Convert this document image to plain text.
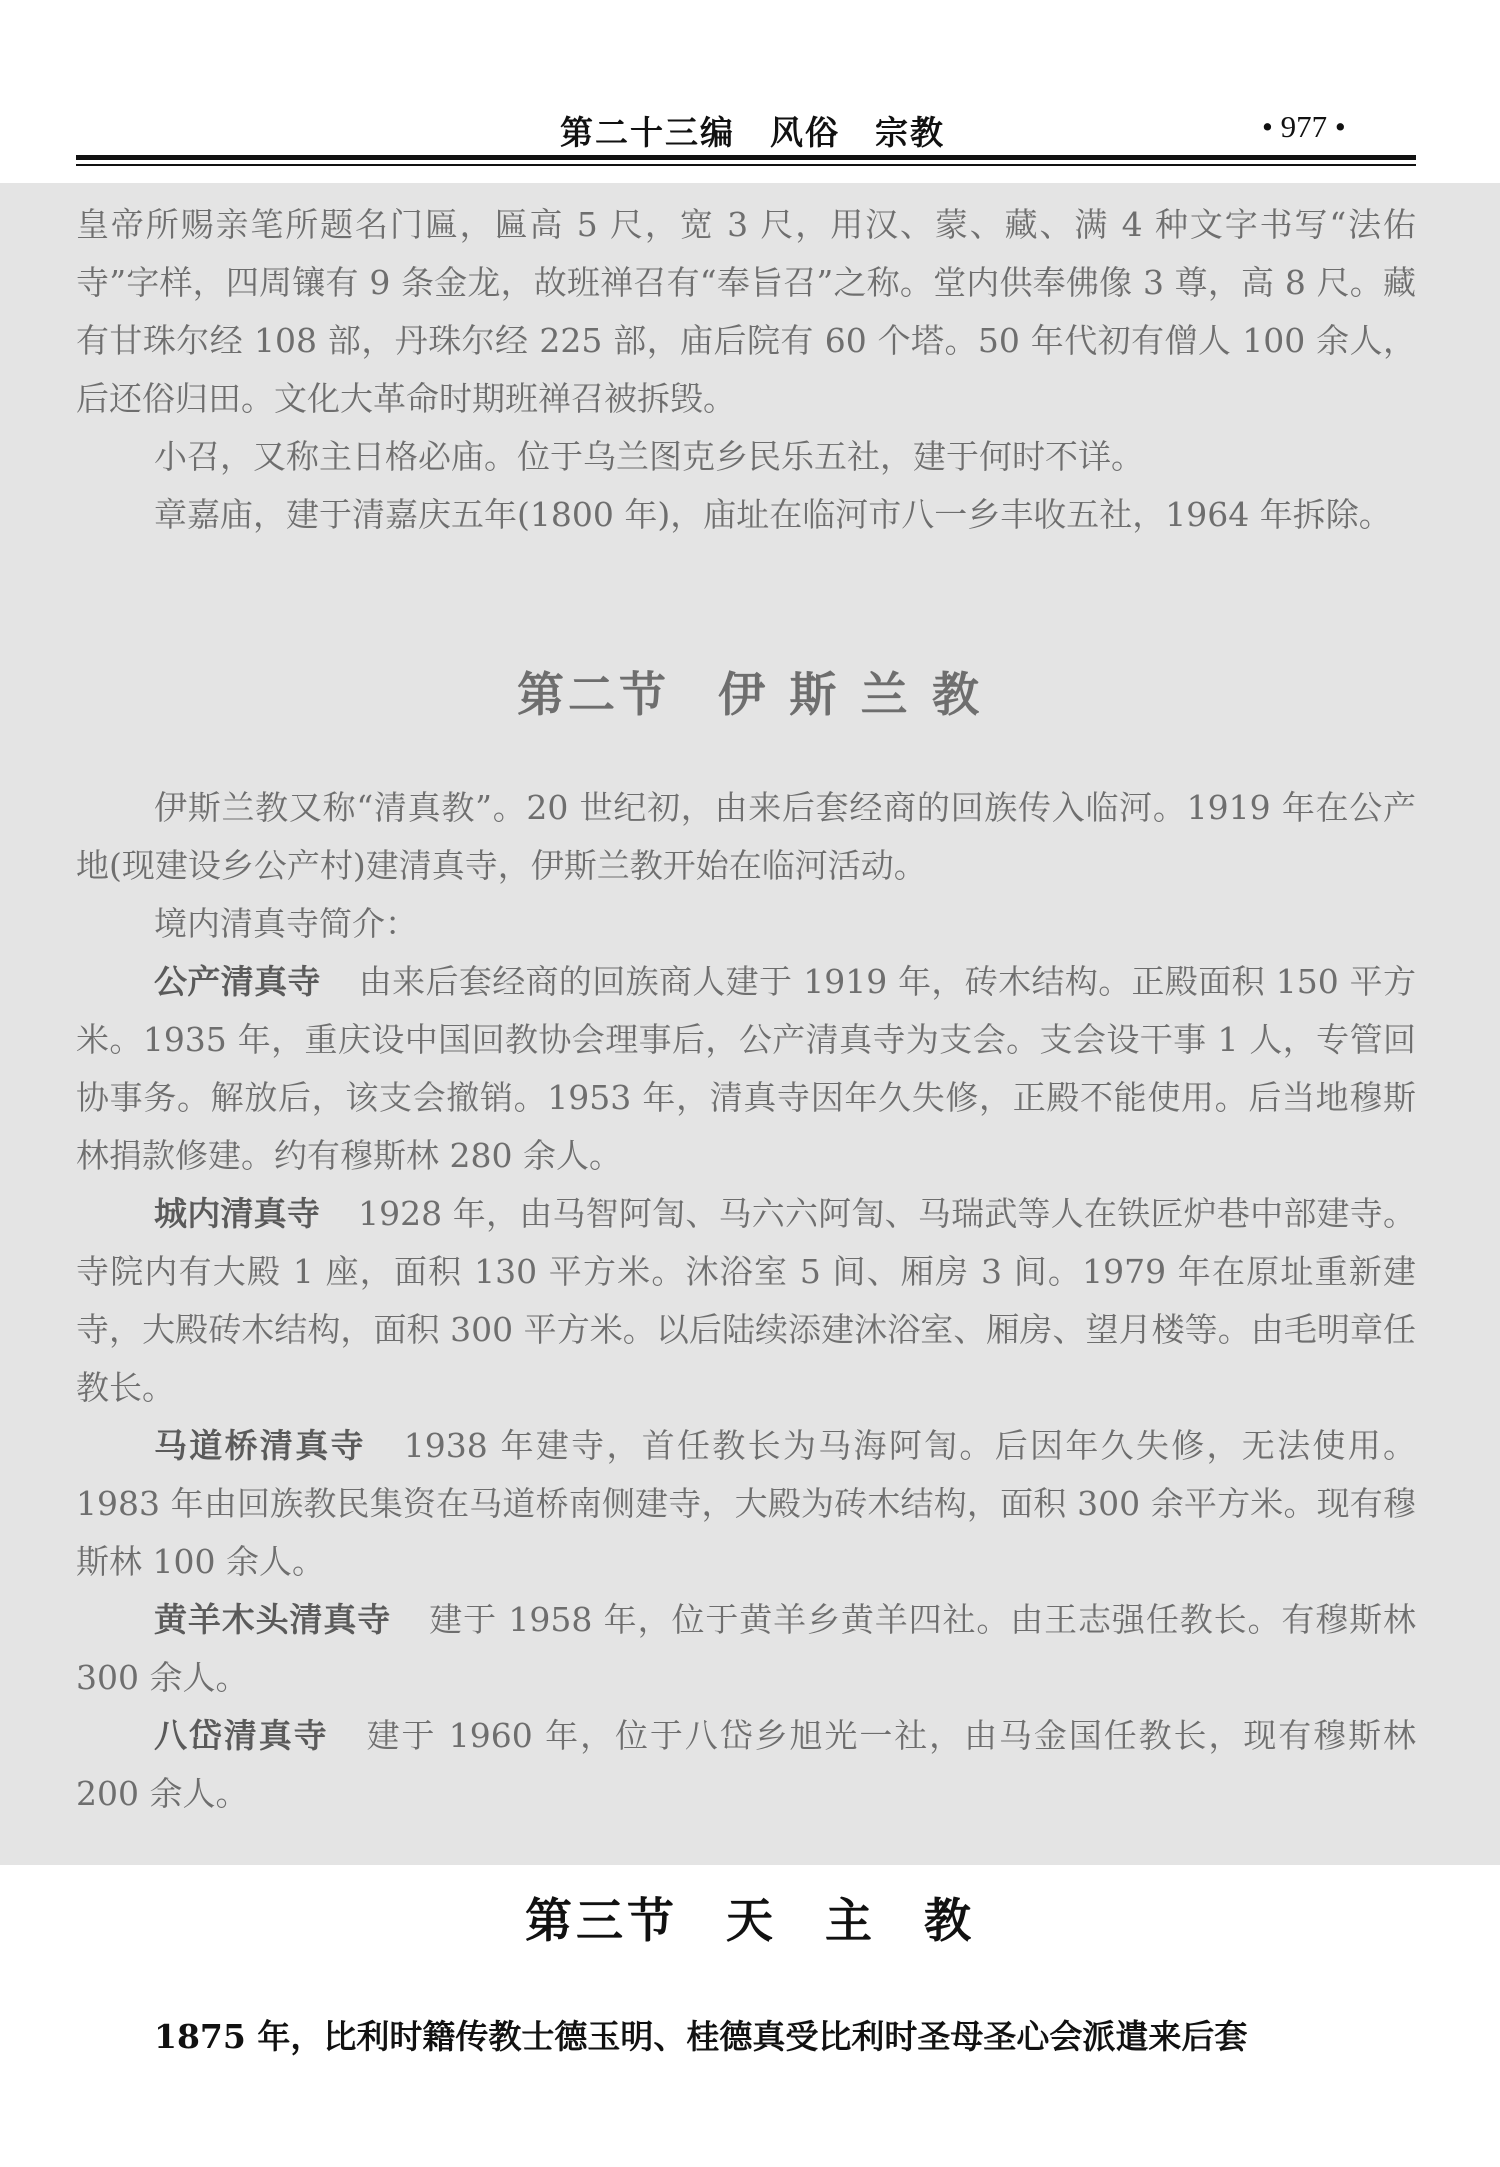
第二十三编　风俗　宗教	• 977 •

皇帝所赐亲笔所题名门匾，匾高 5 尺，宽 3 尺，用汉、蒙、藏、满 4 种文字书写“法佑寺”字样，四周镶有 9 条金龙，故班禅召有“奉旨召”之称。堂内供奉佛像 3 尊，高 8 尺。藏有甘珠尔经 108 部，丹珠尔经 225 部，庙后院有 60 个塔。50 年代初有僧人 100 余人，后还俗归田。文化大革命时期班禅召被拆毁。

小召，又称主日格必庙。位于乌兰图克乡民乐五社，建于何时不详。

章嘉庙，建于清嘉庆五年(1800 年)，庙址在临河市八一乡丰收五社，1964 年拆除。

第二节 伊 斯 兰 教

伊斯兰教又称“清真教”。20 世纪初，由来后套经商的回族传入临河。1919 年在公产地(现建设乡公产村)建清真寺，伊斯兰教开始在临河活动。

境内清真寺简介：

公产清真寺 由来后套经商的回族商人建于 1919 年，砖木结构。正殿面积 150 平方米。1935 年，重庆设中国回教协会理事后，公产清真寺为支会。支会设干事 1 人，专管回协事务。解放后，该支会撤销。1953 年，清真寺因年久失修，正殿不能使用。后当地穆斯林捐款修建。约有穆斯林 280 余人。

城内清真寺 1928 年，由马智阿訇、马六六阿訇、马瑞武等人在铁匠炉巷中部建寺。寺院内有大殿 1 座，面积 130 平方米。沐浴室 5 间、厢房 3 间。1979 年在原址重新建寺，大殿砖木结构，面积 300 平方米。以后陆续添建沐浴室、厢房、望月楼等。由毛明章任教长。

马道桥清真寺 1938 年建寺，首任教长为马海阿訇。后因年久失修，无法使用。1983 年由回族教民集资在马道桥南侧建寺，大殿为砖木结构，面积 300 余平方米。现有穆斯林 100 余人。

黄羊木头清真寺 建于 1958 年，位于黄羊乡黄羊四社。由王志强任教长。有穆斯林 300 余人。

八岱清真寺 建于 1960 年，位于八岱乡旭光一社，由马金国任教长，现有穆斯林 200 余人。

第三节 天 主 教
1875 年，比利时籍传教士德玉明、桂德真受比利时圣母圣心会派遣来后套
